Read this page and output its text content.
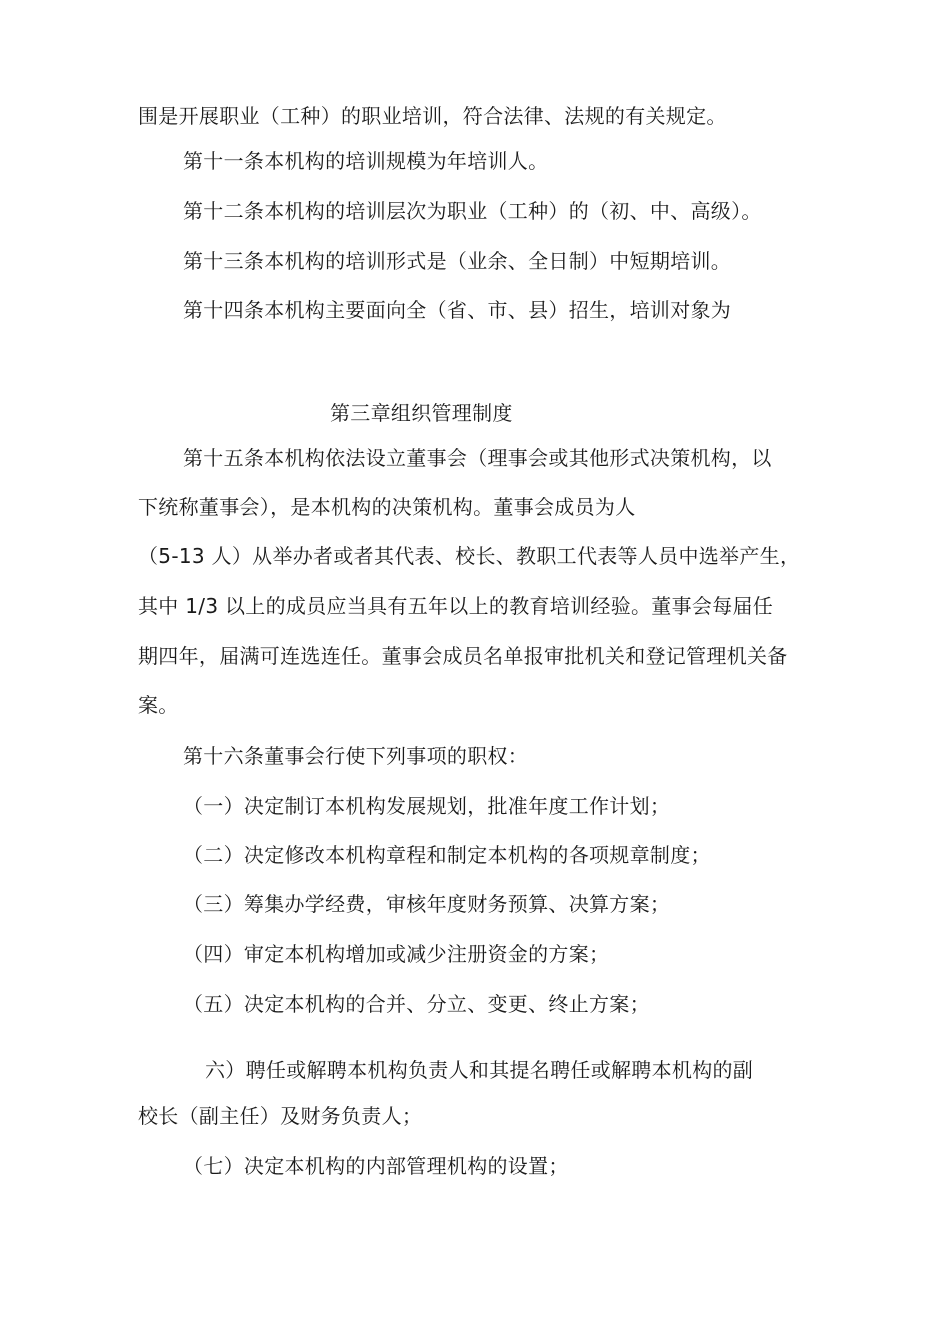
围是开展职业（工种）的职业培训，符合法律、法规的有关规定。

第十一条本机构的培训规模为年培训人。

第十二条本机构的培训层次为职业（工种）的（初、中、高级）。

第十三条本机构的培训形式是（业余、全日制）中短期培训。

第十四条本机构主要面向全（省、市、县）招生，培训对象为

第三章组织管理制度

第十五条本机构依法设立董事会（理事会或其他形式决策机构，以

下统称董事会），是本机构的决策机构。董事会成员为人

（5-13 人）从举办者或者其代表、校长、教职工代表等人员中选举产生，

其中 1/3 以上的成员应当具有五年以上的教育培训经验。董事会每届任

期四年，届满可连选连任。董事会成员名单报审批机关和登记管理机关备

案。

第十六条董事会行使下列事项的职权：

（一）决定制订本机构发展规划，批准年度工作计划；

（二）决定修改本机构章程和制定本机构的各项规章制度；

（三）筹集办学经费，审核年度财务预算、决算方案；

（四）审定本机构增加或减少注册资金的方案；

（五）决定本机构的合并、分立、变更、终止方案；

六）聘任或解聘本机构负责人和其提名聘任或解聘本机构的副

校长（副主任）及财务负责人；

（七）决定本机构的内部管理机构的设置；
